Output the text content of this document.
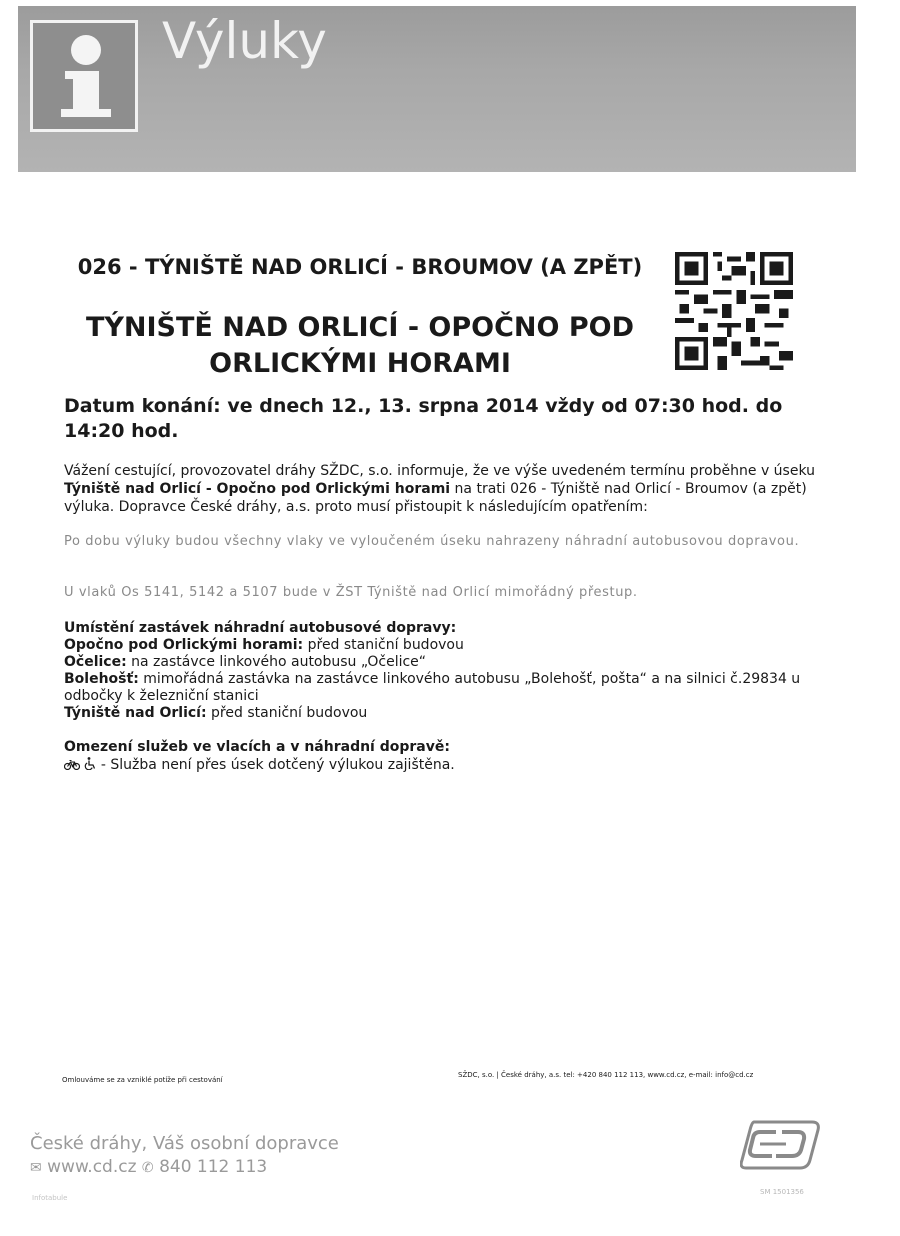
Výluky
026 - TÝNIŠTĚ NAD ORLICÍ - BROUMOV (A ZPĚT)
TÝNIŠTĚ NAD ORLICÍ - OPOČNO POD ORLICKÝMI HORAMI
Datum konání: ve dnech 12., 13. srpna 2014 vždy od 07:30 hod. do 14:20 hod.
Vážení cestující, provozovatel dráhy SŽDC, s.o. informuje, že ve výše uvedeném termínu proběhne v úseku Týniště nad Orlicí - Opočno pod Orlickými horami na trati 026 - Týniště nad Orlicí - Broumov (a zpět) výluka. Dopravce České dráhy, a.s. proto musí přistoupit k následujícím opatřením:
Po dobu výluky budou všechny vlaky ve vyloučeném úseku nahrazeny náhradní autobusovou dopravou.
U vlaků Os 5141, 5142 a 5107 bude v ŽST Týniště nad Orlicí mimořádný přestup.
Umístění zastávek náhradní autobusové dopravy:
Opočno pod Orlickými horami: před staniční budovou
Očelice: na zastávce linkového autobusu „Očelice“
Bolehošť: mimořádná zastávka na zastávce linkového autobusu „Bolehošť, pošta“ a na silnici č.29834 u odbočky k železniční stanici
Týniště nad Orlicí: před staniční budovou
Omezení služeb ve vlacích a v náhradní dopravě:
- Služba není přes úsek dotčený výlukou zajištěna.
Omlouváme se za vzniklé potíže při cestování
SŽDC, s.o. | České dráhy, a.s. tel: +420 840 112 113, www.cd.cz, e-mail: info@cd.cz
České dráhy, Váš osobní dopravce
✉ www.cd.cz ✆ 840 112 113
Infotabule
SM 1501356
